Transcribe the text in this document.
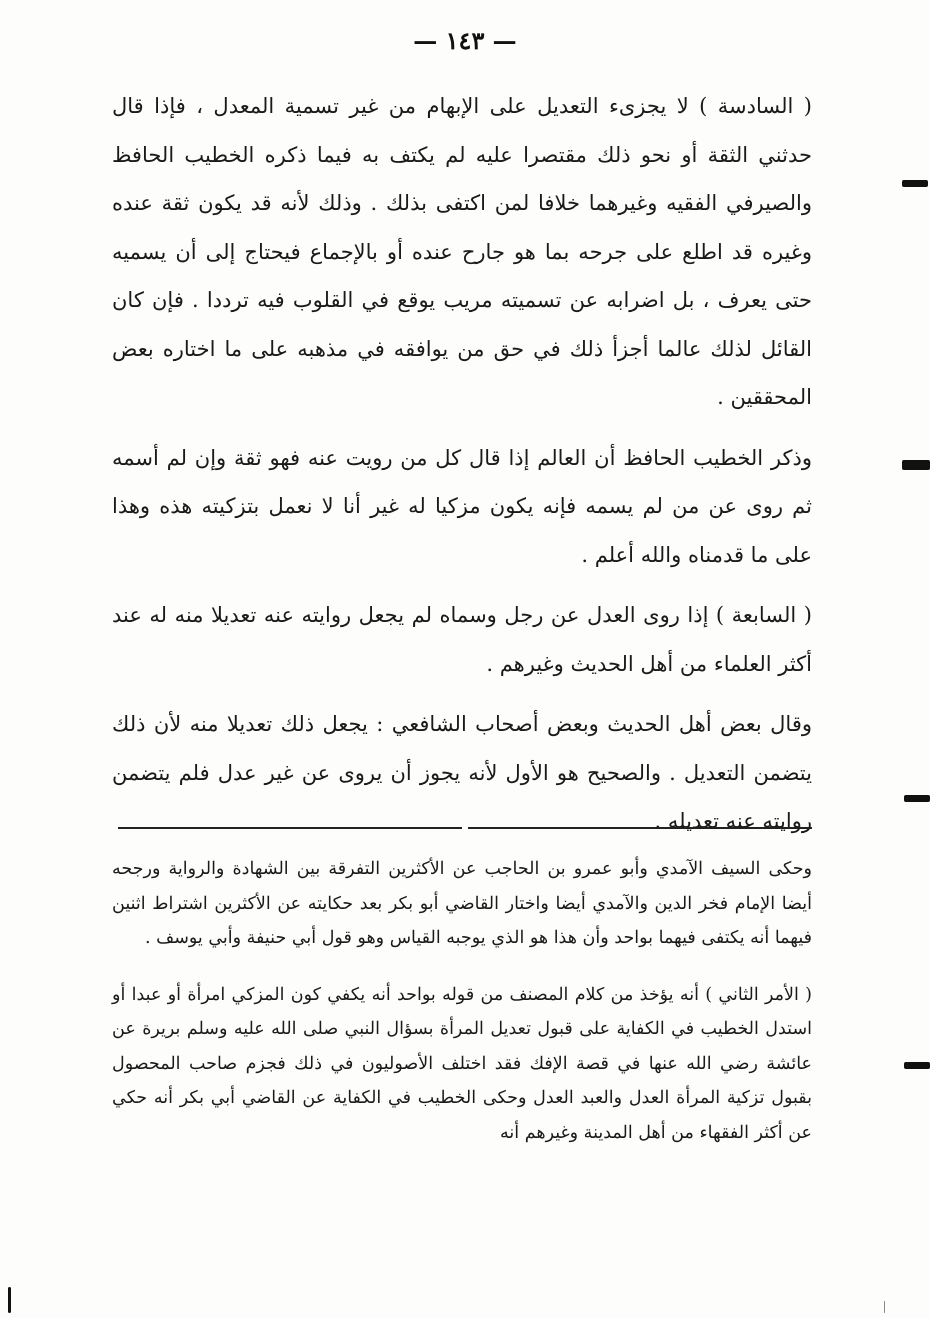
— ١٤٣ —

( السادسة ) لا يجزىء التعديل على الإبهام من غير تسمية المعدل ، فإذا قال حدثني الثقة أو نحو ذلك مقتصرا عليه لم يكتف به فيما ذكره الخطيب الحافظ والصيرفي الفقيه وغيرهما خلافا لمن اكتفى بذلك . وذلك لأنه قد يكون ثقة عنده وغيره قد اطلع على جرحه بما هو جارح عنده أو بالإجماع فيحتاج إلى أن يسميه حتى يعرف ، بل اضرابه عن تسميته مريب يوقع في القلوب فيه ترددا . فإن كان القائل لذلك عالما أجزأ ذلك في حق من يوافقه في مذهبه على ما اختاره بعض المحققين .

وذكر الخطيب الحافظ أن العالم إذا قال كل من رويت عنه فهو ثقة وإن لم أسمه ثم روى عن من لم يسمه فإنه يكون مزكيا له غير أنا لا نعمل بتزكيته هذه وهذا على ما قدمناه والله أعلم .

( السابعة ) إذا روى العدل عن رجل وسماه لم يجعل روايته عنه تعديلا منه له عند أكثر العلماء من أهل الحديث وغيرهم .

وقال بعض أهل الحديث وبعض أصحاب الشافعي : يجعل ذلك تعديلا منه لأن ذلك يتضمن التعديل . والصحيح هو الأول لأنه يجوز أن يروى عن غير عدل فلم يتضمن روايته عنه تعديله .

وحكى السيف الآمدي وأبو عمرو بن الحاجب عن الأكثرين التفرقة بين الشهادة والرواية ورجحه أيضا الإمام فخر الدين والآمدي أيضا واختار القاضي أبو بكر بعد حكايته عن الأكثرين اشتراط اثنين فيهما أنه يكتفى فيهما بواحد وأن هذا هو الذي يوجبه القياس وهو قول أبي حنيفة وأبي يوسف .

( الأمر الثاني ) أنه يؤخذ من كلام المصنف من قوله بواحد أنه يكفي كون المزكي امرأة أو عبدا أو استدل الخطيب في الكفاية على قبول تعديل المرأة بسؤال النبي صلى الله عليه وسلم بريرة عن عائشة رضي الله عنها في قصة الإفك فقد اختلف الأصوليون في ذلك فجزم صاحب المحصول بقبول تزكية المرأة العدل والعبد العدل وحكى الخطيب في الكفاية عن القاضي أبي بكر أنه حكي عن أكثر الفقهاء من أهل المدينة وغيرهم أنه
